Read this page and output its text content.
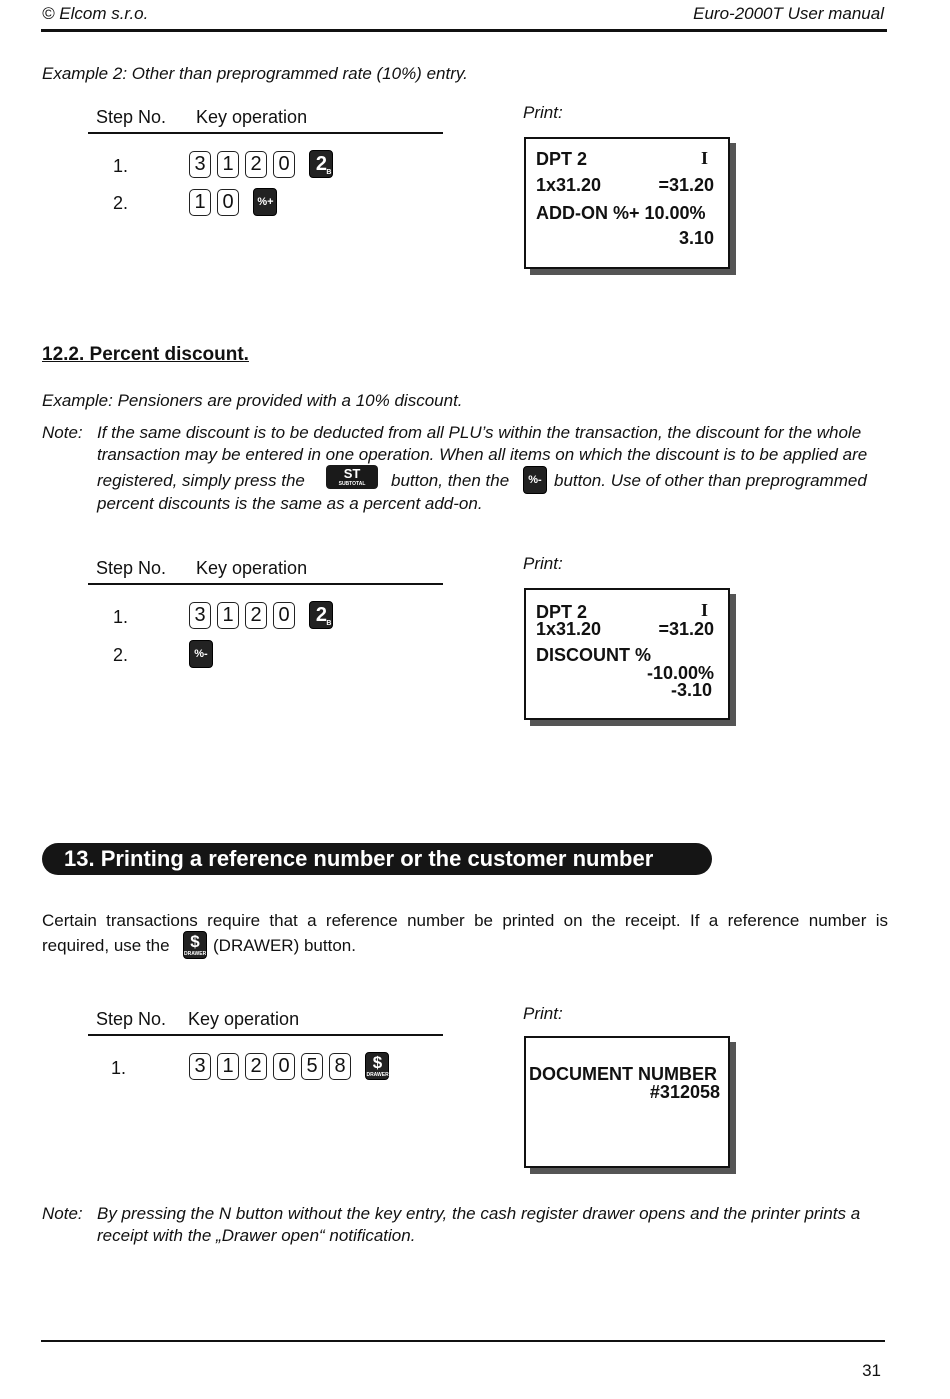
© Elcom s.r.o.	Euro-2000T User manual
Example 2: Other than preprogrammed rate (10%) entry.
Step No. Key operation	Print:
1.	3 1 2 0 2 B
2.	1 0 %+
DPT 2	I
1x31.20	=31.20
ADD-ON %+ 10.00%
3.10
12.2. Percent discount.
Example: Pensioners are provided with a 10% discount.
Note: If the same discount is to be deducted from all PLU’s within the transaction, the discount for the whole
transaction may be entered in one operation. When all items on which the discount is to be applied are
registered, simply press the	ST
SUBTOTAL	button, then the	%- button. Use of other than preprogrammed
percent discounts is the same as a percent add-on.
Step No. Key operation	Print:
1.	3 1 2 0 2 B
2.	%-
DPT 2	I
1x31.20	=31.20
DISCOUNT %
-10.00%
-3.10
13. Printing a reference number or the customer number
Certain transactions require that a reference number be printed on the receipt. If a reference number is
required, use the	$
DRAWER (DRAWER) button.
Step No. Key operation	Print:
1.	3 1 2 0 5 8 $
DRAWER	DOCUMENT NUMBER
#312058
Note: By pressing the N button without the key entry, the cash register drawer opens and the printer prints a
receipt with the „Drawer open“ notification.
31
